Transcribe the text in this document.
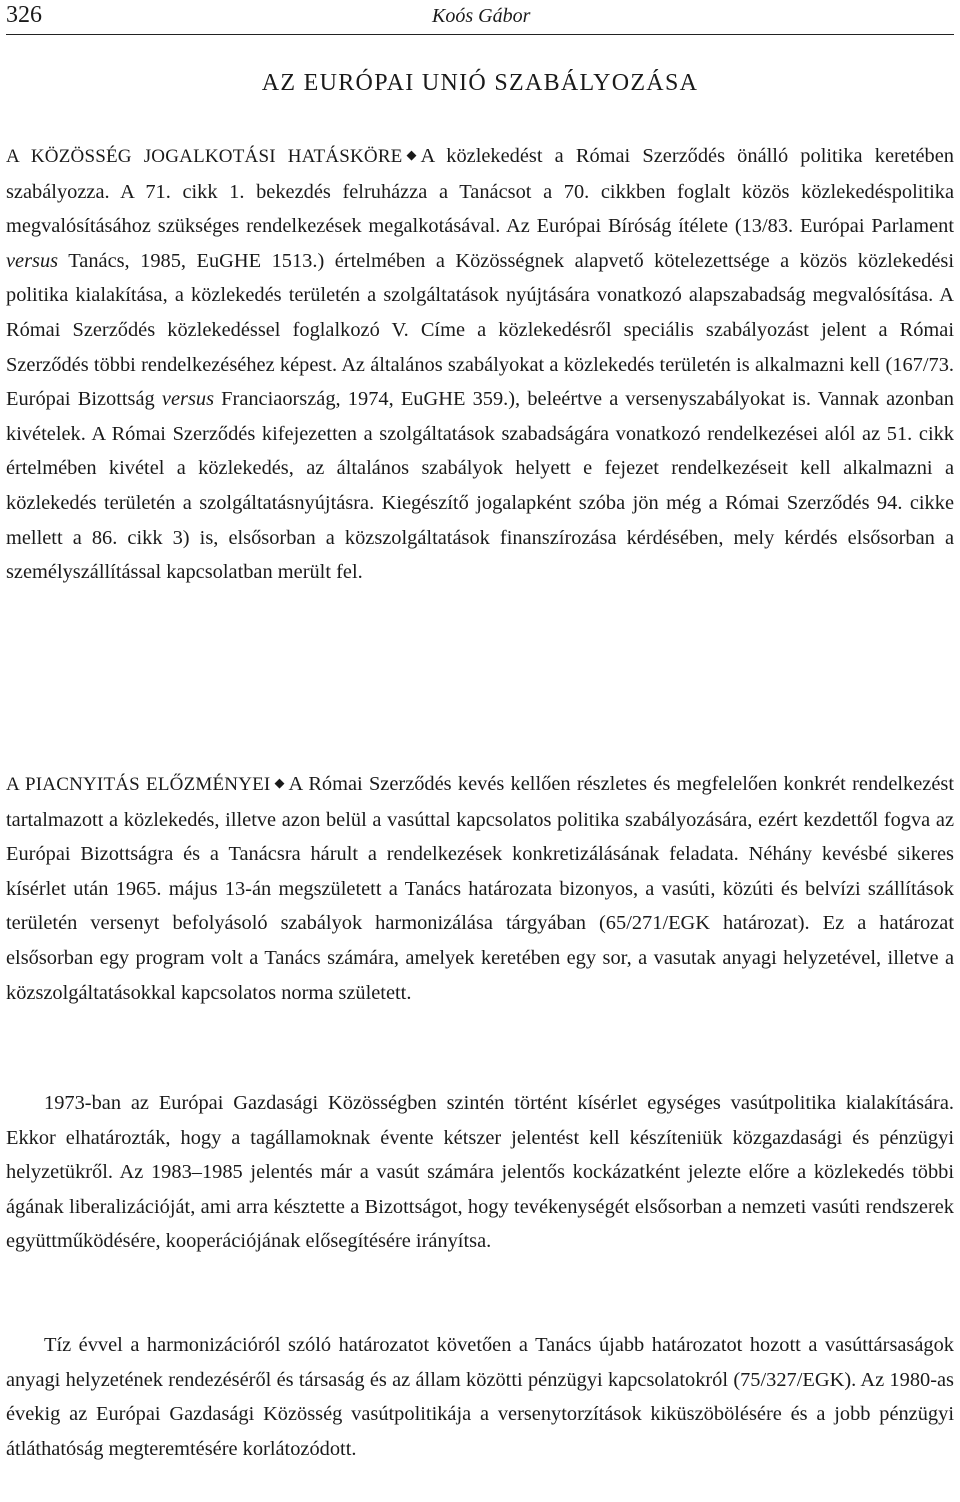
326	Koós Gábor
AZ EURÓPAI UNIÓ SZABÁLYOZÁSA

A KÖZÖSSÉG JOGALKOTÁSI HATÁSKÖRE ◆ A közlekedést a Római Szerződés önálló politika keretében szabályozza. A 71. cikk 1. bekezdés felruházza a Tanácsot a 70. cikkben foglalt közös közlekedéspolitika megvalósításához szükséges rendelkezések megalkotásával. Az Európai Bíróság ítélete (13/83. Európai Parlament versus Tanács, 1985, EuGHE 1513.) értelmében a Közösségnek alapvető kötelezettsége a közös közlekedési politika kialakítása, a közlekedés területén a szolgáltatások nyújtására vonatkozó alapszabadság megvalósítása. A Római Szerződés közlekedéssel foglalkozó V. Címe a közlekedésről speciális szabályozást jelent a Római Szerződés többi rendelkezéséhez képest. Az általános szabályokat a közlekedés területén is alkalmazni kell (167/73. Európai Bizottság versus Franciaország, 1974, EuGHE 359.), beleértve a versenyszabályokat is. Vannak azonban kivételek. A Római Szerződés kifejezetten a szolgáltatások szabadságára vonatkozó rendelkezései alól az 51. cikk értelmében kivétel a közlekedés, az általános szabályok helyett e fejezet rendelkezéseit kell alkalmazni a közlekedés területén a szolgáltatásnyújtásra. Kiegészítő jogalapként szóba jön még a Római Szerződés 94. cikke mellett a 86. cikk 3) is, elsősorban a közszolgáltatások finanszírozása kérdésében, mely kérdés elsősorban a személyszállítással kapcsolatban merült fel.

A PIACNYITÁS ELŐZMÉNYEI ◆ A Római Szerződés kevés kellően részletes és megfelelően konkrét rendelkezést tartalmazott a közlekedés, illetve azon belül a vasúttal kapcsolatos politika szabályozására, ezért kezdettől fogva az Európai Bizottságra és a Tanácsra hárult a rendelkezések konkretizálásának feladata. Néhány kevésbé sikeres kísérlet után 1965. május 13-án megszületett a Tanács határozata bizonyos, a vasúti, közúti és belvízi szállítások területén versenyt befolyásoló szabályok harmonizálása tárgyában (65/271/EGK határozat). Ez a határozat elsősorban egy program volt a Tanács számára, amelyek keretében egy sor, a vasutak anyagi helyzetével, illetve a közszolgáltatásokkal kapcsolatos norma született.

1973-ban az Európai Gazdasági Közösségben szintén történt kísérlet egységes vasútpolitika kialakítására. Ekkor elhatározták, hogy a tagállamoknak évente kétszer jelentést kell készíteniük közgazdasági és pénzügyi helyzetükről. Az 1983–1985 jelentés már a vasút számára jelentős kockázatként jelezte előre a közlekedés többi ágának liberalizációját, ami arra késztette a Bizottságot, hogy tevékenységét elsősorban a nemzeti vasúti rendszerek együttműködésére, kooperációjának elősegítésére irányítsa.

Tíz évvel a harmonizációról szóló határozatot követően a Tanács újabb határozatot hozott a vasúttársaságok anyagi helyzetének rendezéséről és társaság és az állam közötti pénzügyi kapcsolatokról (75/327/EGK). Az 1980-as évekig az Európai Gazdasági Közösség vasútpolitikája a versenytorzítások kiküszöbölésére és a jobb pénzügyi átláthatóság megteremtésére korlátozódott.
